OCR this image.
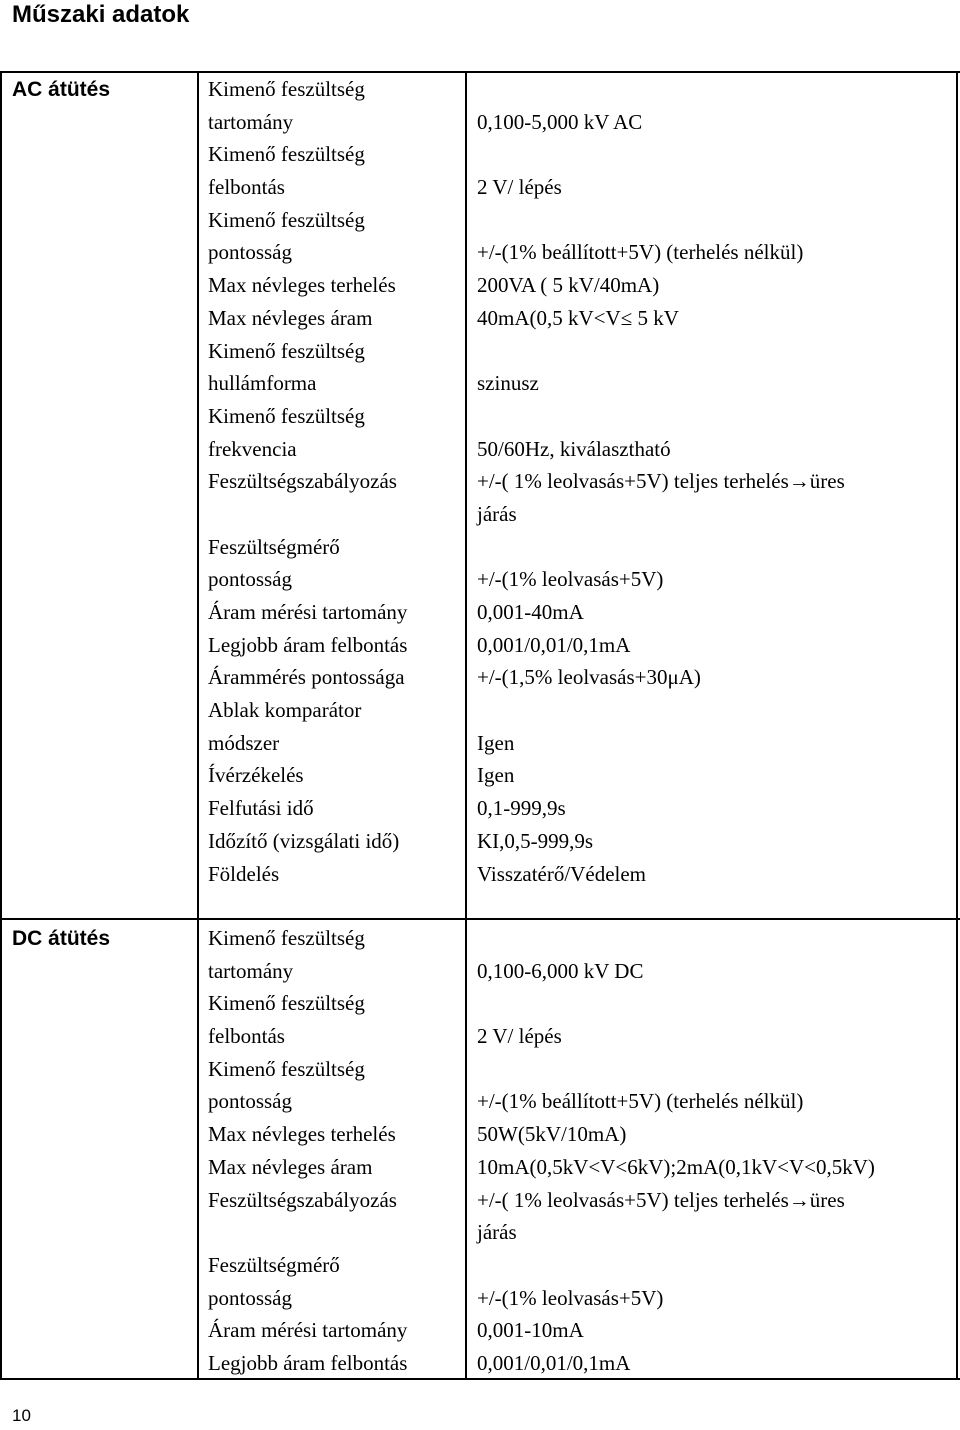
Műszaki adatok
AC átütés	Kimenő feszültség
tartomány
Kimenő feszültség
felbontás
Kimenő feszültség
pontosság
Max névleges terhelés
Max névleges áram
Kimenő feszültség
hullámforma
Kimenő feszültség
frekvencia
Feszültségszabályozás
Feszültségmérő
pontosság
Áram mérési tartomány
Legjobb áram felbontás
Árammérés pontossága
Ablak komparátor
módszer
Ívérzékelés
Felfutási idő
Időzítő (vizsgálati idő)
Földelés
0,100-5,000 kV AC
2 V/ lépés
+/-(1% beállított+5V) (terhelés nélkül)
200VA ( 5 kV/40mA)
40mA(0,5 kV<V≤ 5 kV
szinusz
50/60Hz, kiválasztható
+/-( 1% leolvasás+5V) teljes terhelés→üres
járás
+/-(1% leolvasás+5V)
0,001-40mA
0,001/0,01/0,1mA
+/-(1,5% leolvasás+30μA)
Igen
Igen
0,1-999,9s
KI,0,5-999,9s
Visszatérő/Védelem
DC átütés	Kimenő feszültség
tartomány
Kimenő feszültség
felbontás
Kimenő feszültség
pontosság
Max névleges terhelés
Max névleges áram
Feszültségszabályozás
Feszültségmérő
pontosság
Áram mérési tartomány
Legjobb áram felbontás
0,100-6,000 kV DC
2 V/ lépés
+/-(1% beállított+5V) (terhelés nélkül)
50W(5kV/10mA)
10mA(0,5kV<V<6kV);2mA(0,1kV<V<0,5kV)
+/-( 1% leolvasás+5V) teljes terhelés→üres
járás
+/-(1% leolvasás+5V)
0,001-10mA
0,001/0,01/0,1mA
10
